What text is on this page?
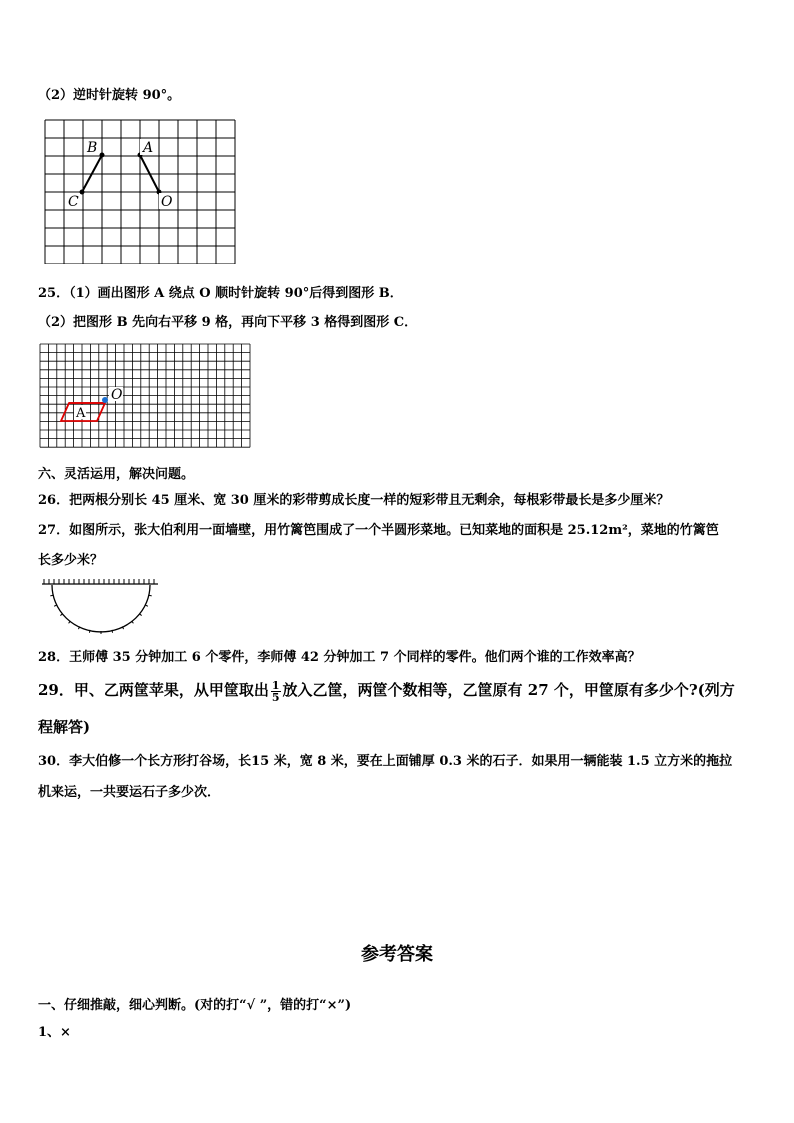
（2）逆时针旋转 90°。
B	A
C	O
25．（1）画出图形 A 绕点 O 顺时针旋转 90°后得到图形 B．
（2）把图形 B 先向右平移 9 格，再向下平移 3 格得到图形 C．
O
A
六、灵活运用，解决问题。
26．把两根分别长 45 厘米、宽 30 厘米的彩带剪成长度一样的短彩带且无剩余，每根彩带最长是多少厘米？
27．如图所示，张大伯利用一面墙壁，用竹篱笆围成了一个半圆形菜地。已知菜地的面积是 25.12m²，菜地的竹篱笆
长多少米？
28．王师傅 35 分钟加工 6 个零件，李师傅 42 分钟加工 7 个同样的零件。他们两个谁的工作效率高？
29．甲、乙两筐苹果，从甲筐取出 $\frac{1}{5}$ 放入乙筐，两筐个数相等，乙筐原有 27 个，甲筐原有多少个?(列方
程解答)
30．李大伯修一个长方形打谷场，长15 米，宽 8 米，要在上面铺厚 0.3 米的石子．如果用一辆能装 1.5 立方米的拖拉
机来运，一共要运石子多少次．
参考答案
一、仔细推敲，细心判断。(对的打“√ ”，错的打“×”)
1、×
